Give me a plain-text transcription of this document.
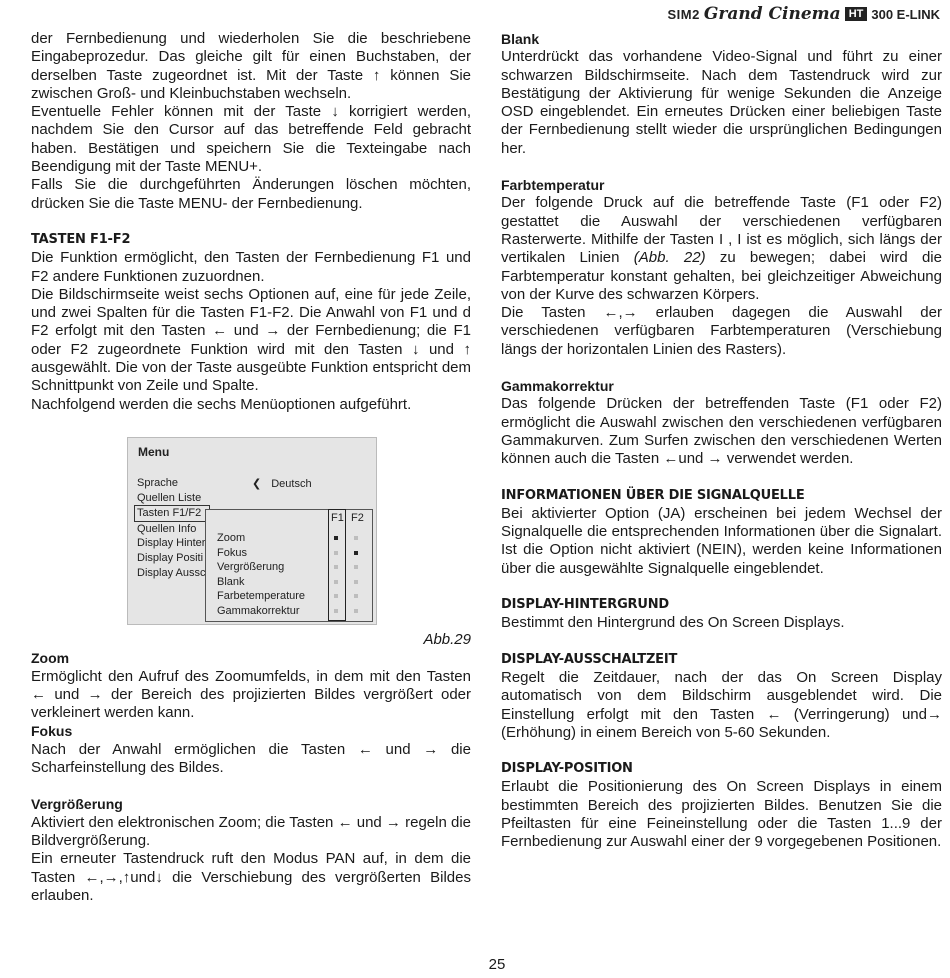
SIM2 Grand Cinema HT 300 E-LINK

der Fernbedienung und wiederholen Sie die beschriebene Eingabeprozedur. Das gleiche gilt für einen Buchstaben, der derselben Taste zugeordnet ist. Mit der Taste ↑ können Sie zwischen Groß- und Kleinbuchstaben wechseln.

Eventuelle Fehler können mit der Taste ↓ korrigiert werden, nachdem Sie den Cursor auf das betreffende Feld gebracht haben. Bestätigen und speichern Sie die Texteingabe nach Beendigung mit der Taste MENU+.

Falls Sie die durchgeführten Änderungen löschen möchten, drücken Sie die Taste MENU- der Fernbedienung.

TASTEN F1-F2

Die Funktion ermöglicht, den Tasten der Fernbedienung F1 und F2 andere Funktionen zuzuordnen.

Die Bildschirmseite weist sechs Optionen auf, eine für jede Zeile, und zwei Spalten für die Tasten F1-F2. Die Anwahl von F1 und d F2 erfolgt mit den Tasten ← und → der Fernbedienung; die F1 oder F2 zugeordnete Funktion wird mit den Tasten ↓ und ↑ ausgewählt. Die von der Taste ausgeübte Funktion entspricht dem Schnittpunkt von Zeile und Spalte.

Nachfolgend werden die sechs Menüoptionen aufgeführt.

Menu
Sprache
Quellen Liste
Tasten F1/F2
Quellen Info
Display Hinter
Display Positi
Display Aussc
❮ Deutsch
F1 F2
Zoom
Fokus
Vergrößerung
Blank
Farbetemperature
Gammakorrektur
Abb.29
Zoom

Ermöglicht den Aufruf des Zoomumfelds, in dem mit den Tasten ← und → der Bereich des projizierten Bildes vergrößert oder verkleinert werden kann.

Fokus

Nach der Anwahl ermöglichen die Tasten ← und → die Scharfeinstellung des Bildes.

Vergrößerung

Aktiviert den elektronischen Zoom; die Tasten ← und → regeln die Bildvergrößerung.

Ein erneuter Tastendruck ruft den Modus PAN auf, in dem die Tasten ←,→,↑und↓ die Verschiebung des vergrößerten Bildes erlauben.

Blank

Unterdrückt das vorhandene Video-Signal und führt zu einer schwarzen Bildschirmseite. Nach dem Tastendruck wird zur Bestätigung der Aktivierung für wenige Sekunden die Anzeige OSD eingeblendet. Ein erneutes Drücken einer beliebigen Taste der Fernbedienung stellt wieder die ursprünglichen Bedingungen her.

Farbtemperatur

Der folgende Druck auf die betreffende Taste (F1 oder F2) gestattet die Auswahl der verschiedenen verfügbaren Rasterwerte. Mithilfe der Tasten I , I ist es möglich, sich längs der vertikalen Linien (Abb. 22) zu bewegen; dabei wird die Farbtemperatur konstant gehalten, bei gleichzeitiger Abweichung von der Kurve des schwarzen Körpers.

Die Tasten ←,→ erlauben dagegen die Auswahl der verschiedenen verfügbaren Farbtemperaturen (Verschiebung längs der horizontalen Linien des Rasters).

Gammakorrektur

Das folgende Drücken der betreffenden Taste (F1 oder F2) ermöglicht die Auswahl zwischen den verschiedenen verfügbaren Gammakurven. Zum Surfen zwischen den verschiedenen Werten können auch die Tasten ←und → verwendet werden.

INFORMATIONEN ÜBER DIE SIGNALQUELLE

Bei aktivierter Option (JA) erscheinen bei jedem Wechsel der Signalquelle die entsprechenden Informationen über die Signalart. Ist die Option nicht aktiviert (NEIN), werden keine Informationen über die ausgewählte Signalquelle eingeblendet.

DISPLAY-HINTERGRUND

Bestimmt den Hintergrund des On Screen Displays.

DISPLAY-AUSSCHALTZEIT

Regelt die Zeitdauer, nach der das On Screen Display automatisch von dem Bildschirm ausgeblendet wird. Die Einstellung erfolgt mit den Tasten ← (Verringerung) und→ (Erhöhung) in einem Bereich von 5-60 Sekunden.

DISPLAY-POSITION

Erlaubt die Positionierung des On Screen Displays in einem bestimmten Bereich des projizierten Bildes. Benutzen Sie die Pfeiltasten für eine Feineinstellung oder die Tasten 1...9 der Fernbedienung zur Auswahl einer der 9 vorgegebenen Positionen.

25
